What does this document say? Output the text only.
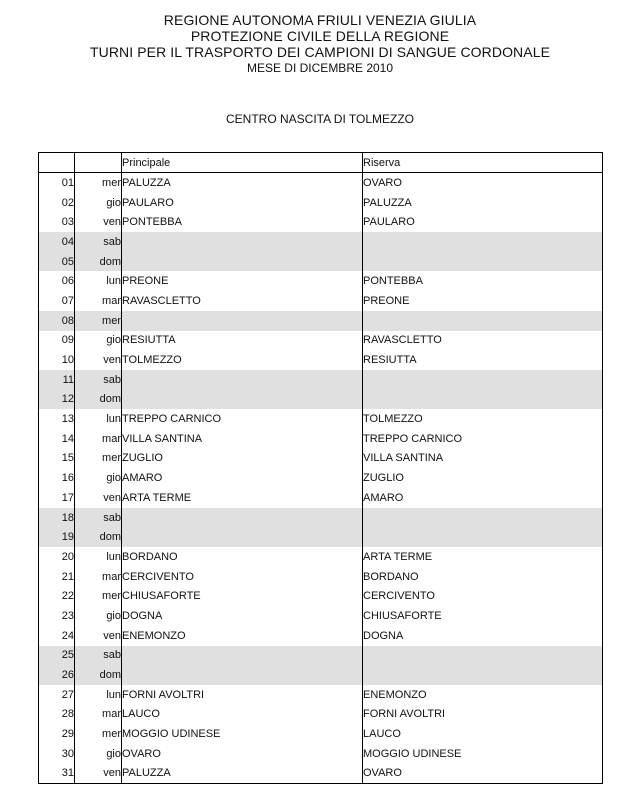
REGIONE AUTONOMA FRIULI VENEZIA GIULIA
PROTEZIONE CIVILE DELLA REGIONE
TURNI PER IL TRASPORTO DEI CAMPIONI DI SANGUE CORDONALE
MESE DI DICEMBRE 2010
CENTRO NASCITA DI TOLMEZZO
		Principale	Riserva
01	mer	PALUZZA	OVARO
02	gio	PAULARO	PALUZZA
03	ven	PONTEBBA	PAULARO
04	sab		
05	dom		
06	lun	PREONE	PONTEBBA
07	mar	RAVASCLETTO	PREONE
08	mer		
09	gio	RESIUTTA	RAVASCLETTO
10	ven	TOLMEZZO	RESIUTTA
11	sab		
12	dom		
13	lun	TREPPO CARNICO	TOLMEZZO
14	mar	VILLA SANTINA	TREPPO CARNICO
15	mer	ZUGLIO	VILLA SANTINA
16	gio	AMARO	ZUGLIO
17	ven	ARTA TERME	AMARO
18	sab		
19	dom		
20	lun	BORDANO	ARTA TERME
21	mar	CERCIVENTO	BORDANO
22	mer	CHIUSAFORTE	CERCIVENTO
23	gio	DOGNA	CHIUSAFORTE
24	ven	ENEMONZO	DOGNA
25	sab		
26	dom		
27	lun	FORNI AVOLTRI	ENEMONZO
28	mar	LAUCO	FORNI AVOLTRI
29	mer	MOGGIO UDINESE	LAUCO
30	gio	OVARO	MOGGIO UDINESE
31	ven	PALUZZA	OVARO
